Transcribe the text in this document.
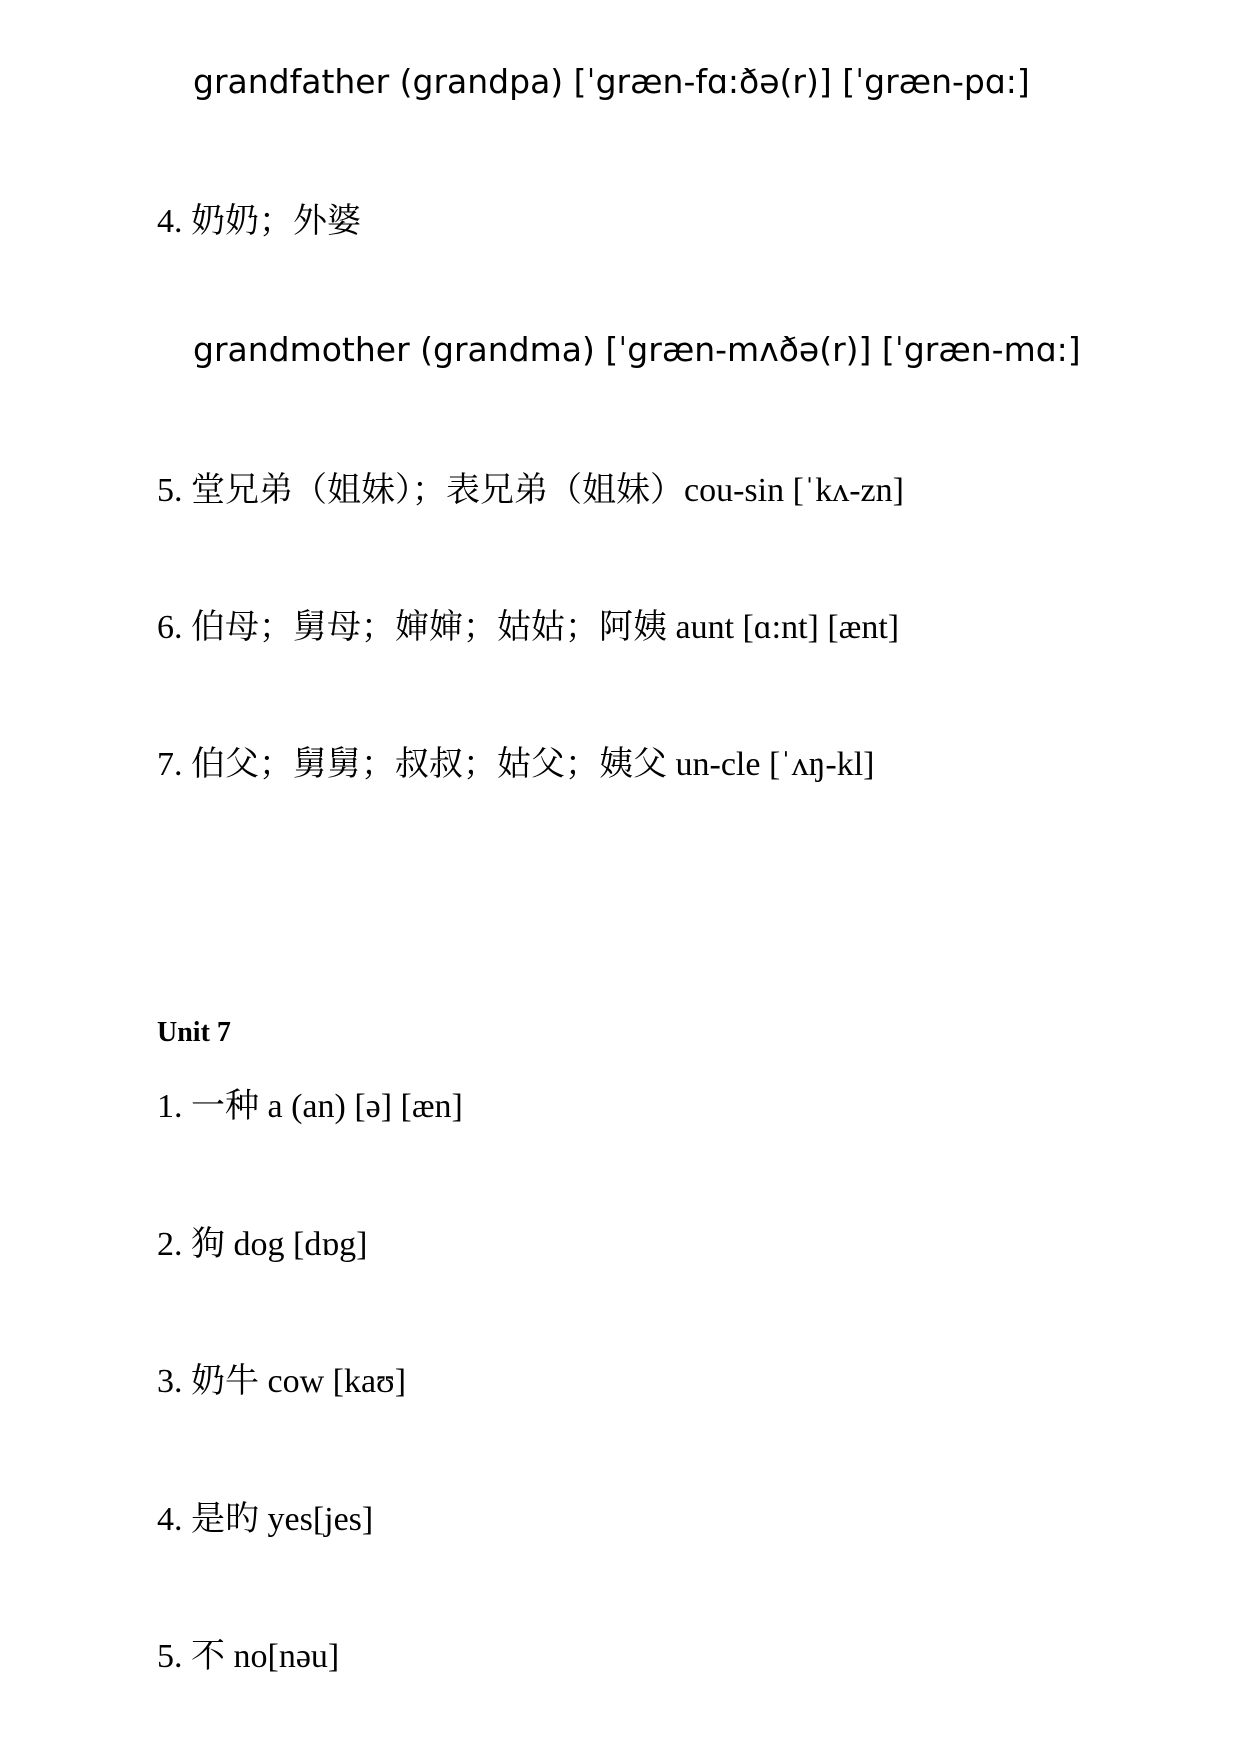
grandfather (grandpa) [ˈgræn-fɑ:ðə(r)] [ˈgræn-pɑ:]
4. 奶奶；外婆
grandmother (grandma) [ˈgræn-mʌðə(r)] [ˈgræn-mɑ:]
5. 堂兄弟（姐妹）；表兄弟（姐妹）cou-sin [ˈkʌ-zn]
6. 伯母；舅母；婶婶；姑姑；阿姨 aunt [ɑ:nt] [ænt]
7. 伯父；舅舅；叔叔；姑父；姨父 un-cle [ˈʌŋ-kl]
Unit 7
1. 一种 a (an) [ə] [æn]
2. 狗 dog [dɒg]
3. 奶牛 cow [kaʊ]
4. 是旳 yes[jes]
5. 不 no[nəu]
